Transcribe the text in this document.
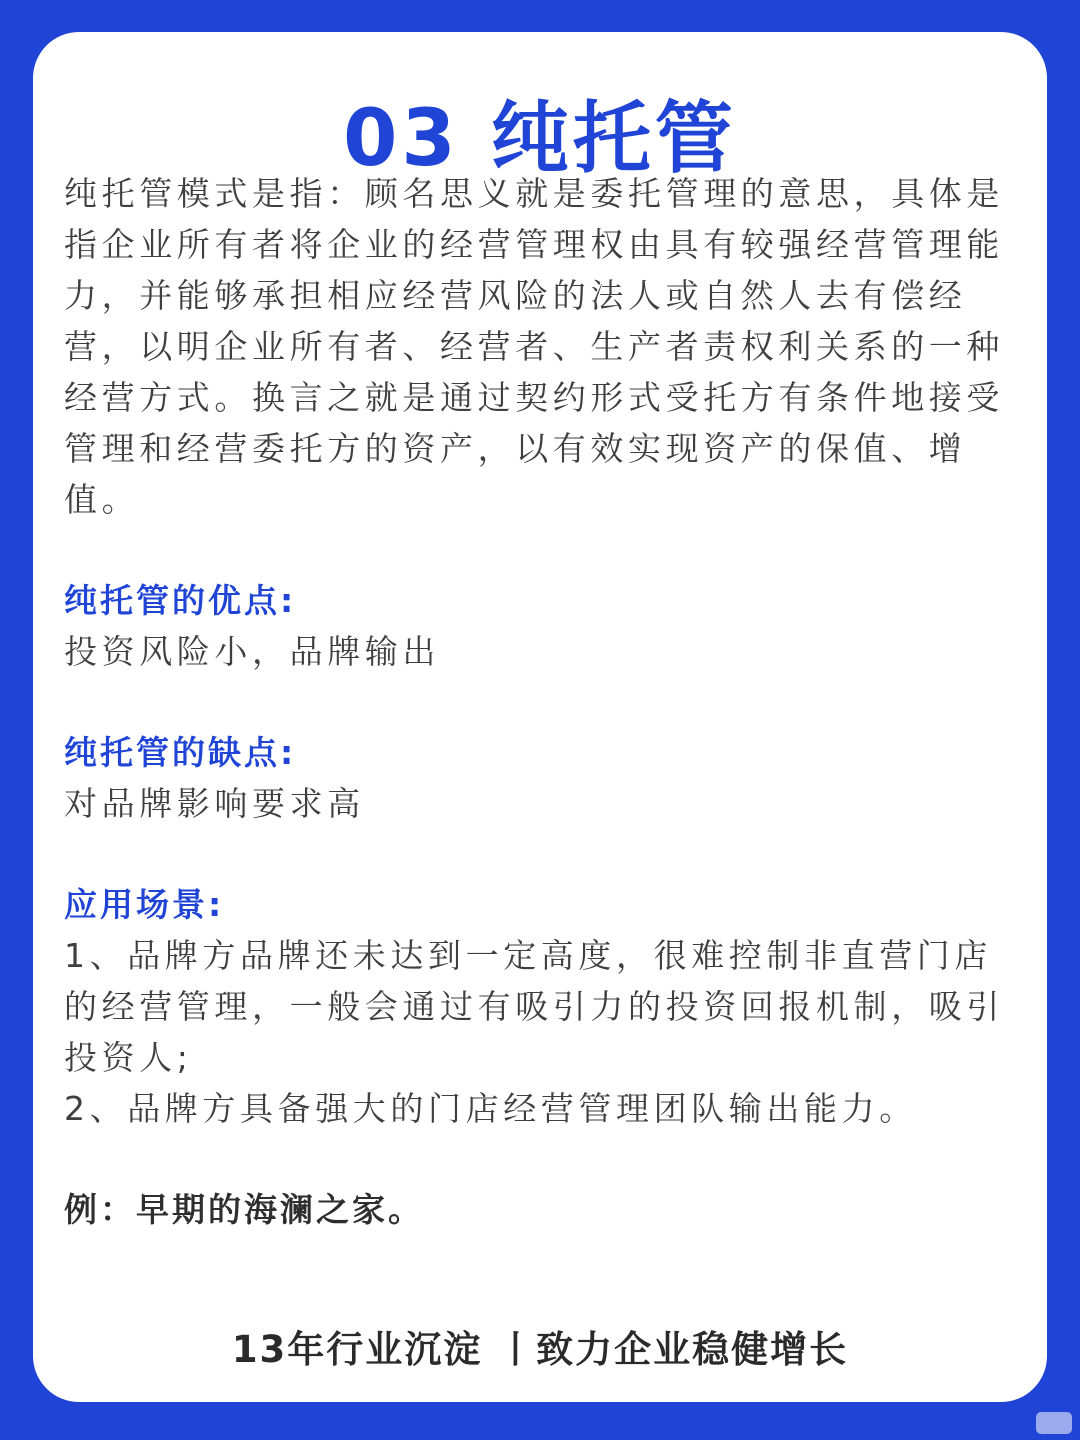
03 纯托管

纯托管模式是指：顾名思义就是委托管理的意思，具体是指企业所有者将企业的经营管理权由具有较强经营管理能力，并能够承担相应经营风险的法人或自然人去有偿经营，以明企业所有者、经营者、生产者责权利关系的一种经营方式。换言之就是通过契约形式受托方有条件地接受管理和经营委托方的资产，以有效实现资产的保值、增值。

纯托管的优点:

投资风险小，品牌输出

纯托管的缺点:

对品牌影响要求高

应用场景:

1、品牌方品牌还未达到一定高度，很难控制非直营门店的经营管理，一般会通过有吸引力的投资回报机制，吸引投资人;

2、品牌方具备强大的门店经营管理团队输出能力。

例：早期的海澜之家。

13年行业沉淀 丨致力企业稳健增长
